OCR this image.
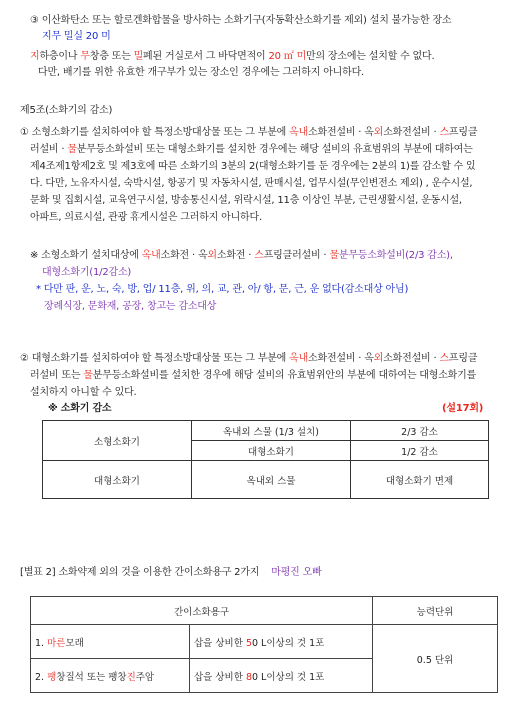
③ 이산화탄소 또는 할로겐화합물을 방사하는 소화기구(자동확산소화기를 제외) 설치 불가능한 장소
지무 밀실 20 미
지하층이나 무창층 또는 밀폐된 거실로서 그 바닥면적이 20 ㎡ 미만의 장소에는 설치할 수 없다.
다만, 배기를 위한 유효한 개구부가 있는 장소인 경우에는 그러하지 아니하다.
제5조(소화기의 감소)
① 소형소화기를 설치하여야 할 특정소방대상물 또는 그 부분에 옥내소화전설비 · 옥외소화전설비 · 스프링클
러설비 · 물분무등소화설비 또는 대형소화기를 설치한 경우에는 해당 설비의 유효범위의 부분에 대하여는
제4조제1항제2호 및 제3호에 따른 소화기의 3분의 2(대형소화기를 둔 경우에는 2분의 1)를 감소할 수 있
다. 다만, 노유자시설, 숙박시설, 항공기 및 자동차시설, 판매시설, 업무시설(무인변전소 제외) , 운수시설,
문화 및 집회시설, 교육연구시설, 방송통신시설, 위락시설, 11층 이상인 부분, 근린생활시설, 운동시설,
아파트, 의료시설, 관광 휴게시설은 그러하지 아니하다.
※ 소형소화기 설치대상에 옥내소화전 · 옥외소화전 · 스프링클러설비 · 물분무등소화설비(2/3 감소),
대형소화기(1/2감소)
* 다만 판, 운, 노, 숙, 방, 업/ 11층, 위, 의, 교, 관, 아/ 항, 문, 근, 운 없다(감소대상 아님)
장례식장, 문화재, 공장, 창고는 감소대상
② 대형소화기를 설치하여야 할 특정소방대상물 또는 그 부분에 옥내소화전설비 · 옥외소화전설비 · 스프링클
러설비 또는 물분무등소화설비를 설치한 경우에 해당 설비의 유효범위안의 부분에 대하여는 대형소화기를
설치하지 아니할 수 있다.
※ 소화기 감소	(설17회)
소형소화기	옥내외 스물 (1/3 설치)	2/3 감소
	대형소화기	1/2 감소
대형소화기	옥내외 스물	대형소화기 면제
[별표 2] 소화약제 외의 것을 이용한 간이소화용구 2가지 마평진 오빠
간이소화용구		능력단위
1. 마른모래	삽을 상비한 50 L이상의 것 1포	0.5 단위
2. 팽창질석 또는 팽창진주암	삽을 상비한 80 L이상의 것 1포	
